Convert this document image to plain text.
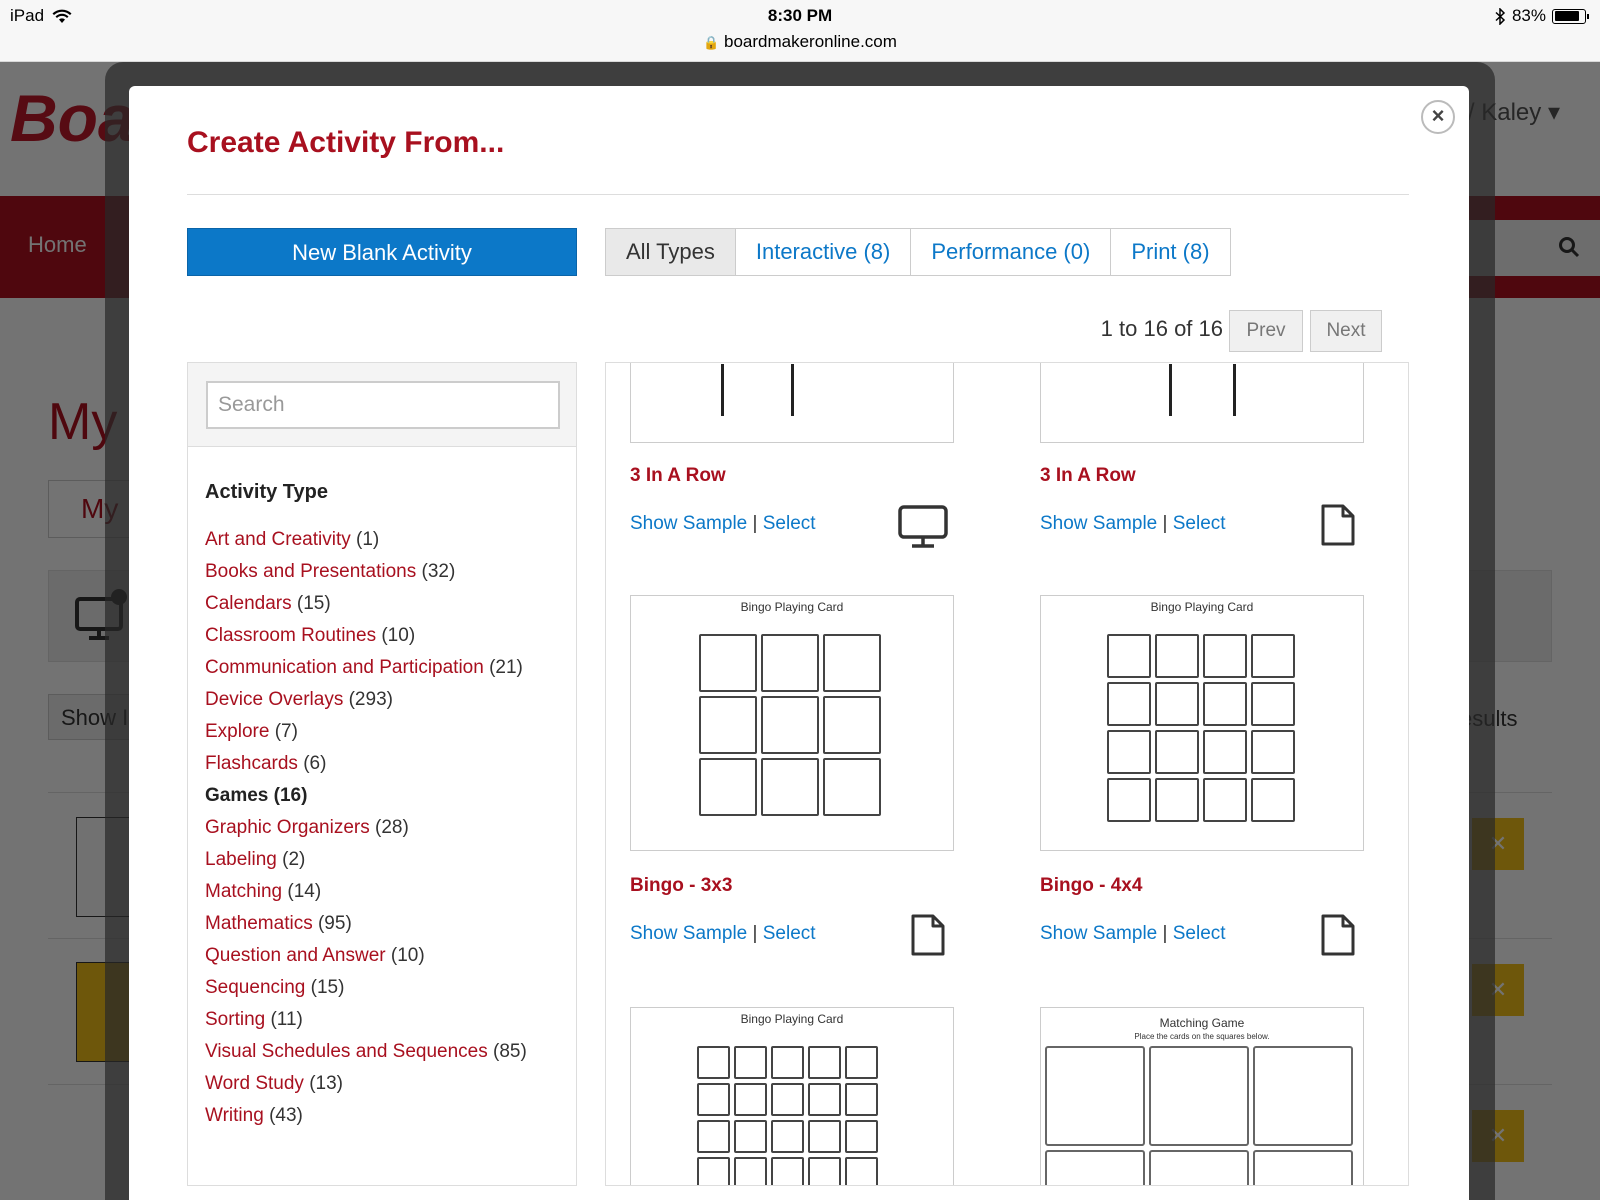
iPad	8:30 PM
🔒 boardmakeronline.com
83%
×
Create Activity From...
New Blank Activity	All Types	Interactive (8)	Performance (0)	Print (8)
1 to 16 of 16	Prev	Next
Search
Activity Type
Art and Creativity (1)
Books and Presentations (32)
Calendars (15)
Classroom Routines (10)
Communication and Participation (21)
Device Overlays (293)
Explore (7)
Flashcards (6)
Games (16)
Graphic Organizers (28)
Labeling (2)
Matching (14)
Mathematics (95)
Question and Answer (10)
Sequencing (15)
Sorting (11)
Visual Schedules and Sequences (85)
Word Study (13)
Writing (43)
3 In A Row
Show Sample | Select
3 In A Row
Show Sample | Select
Bingo Playing Card
Bingo - 3x3
Show Sample | Select
Bingo Playing Card
Bingo - 4x4
Show Sample | Select
Bingo Playing Card	Matching Game
Place the cards on the squares below.
